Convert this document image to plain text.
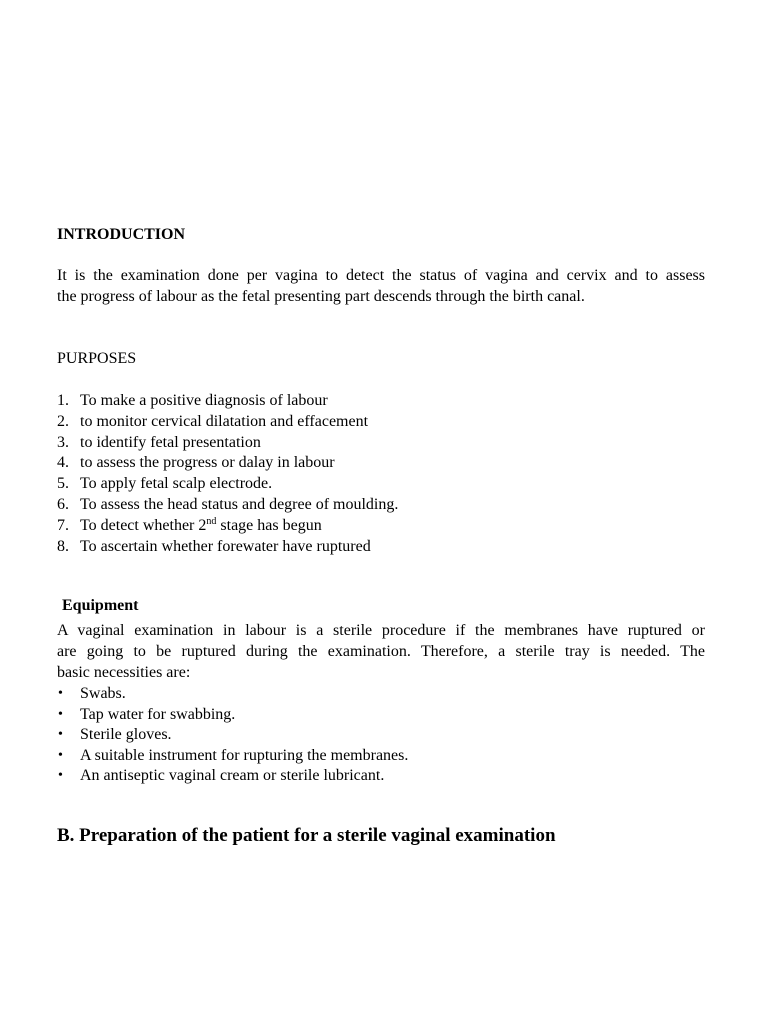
INTRODUCTION
It is the examination done per vagina to detect the status of vagina and cervix and to assess
the progress of labour as the fetal presenting part descends through the birth canal.
PURPOSES
1. To make a positive diagnosis of labour
2. to monitor cervical dilatation and effacement
3. to identify fetal presentation
4. to assess the progress or dalay in labour
5. To apply fetal scalp electrode.
6. To assess the head status and degree of moulding.
7. To detect whether 2nd stage has begun
8. To ascertain whether forewater have ruptured
Equipment
A vaginal examination in labour is a sterile procedure if the membranes have ruptured or
are going to be ruptured during the examination. Therefore, a sterile tray is needed. The
basic necessities are:
• Swabs.
• Tap water for swabbing.
• Sterile gloves.
• A suitable instrument for rupturing the membranes.
• An antiseptic vaginal cream or sterile lubricant.
B. Preparation of the patient for a sterile vaginal examination
